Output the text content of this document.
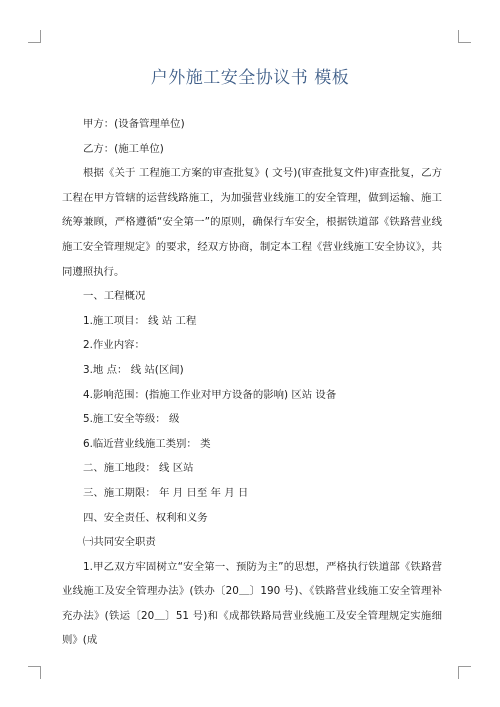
户外施工安全协议书 模板

甲方：(设备管理单位)

乙方：(施工单位)

根据《关于 工程施工方案的审查批复》( 文号)(审查批复文件)审查批复，乙方工程在甲方管辖的运营线路施工，为加强营业线施工的安全管理，做到运输、施工统筹兼顾，严格遵循“安全第一”的原则，确保行车安全，根据铁道部《铁路营业线施工安全管理规定》的要求，经双方协商，制定本工程《营业线施工安全协议》，共同遵照执行。

一、工程概况

1.施工项目： 线 站 工程

2.作业内容：

3.地 点： 线 站(区间)

4.影响范围：(指施工作业对甲方设备的影响) 区站 设备

5.施工安全等级： 级

6.临近营业线施工类别： 类

二、施工地段： 线 区站

三、施工期限： 年 月 日至 年 月 日

四、安全责任、权利和义务

㈠共同安全职责

1.甲乙双方牢固树立“安全第一、预防为主”的思想，严格执行铁道部《铁路营业线施工及安全管理办法》(铁办〔20＿〕190 号)、《铁路营业线施工安全管理补充办法》(铁运〔20＿〕51 号)和《成都铁路局营业线施工及安全管理规定实施细则》(成
